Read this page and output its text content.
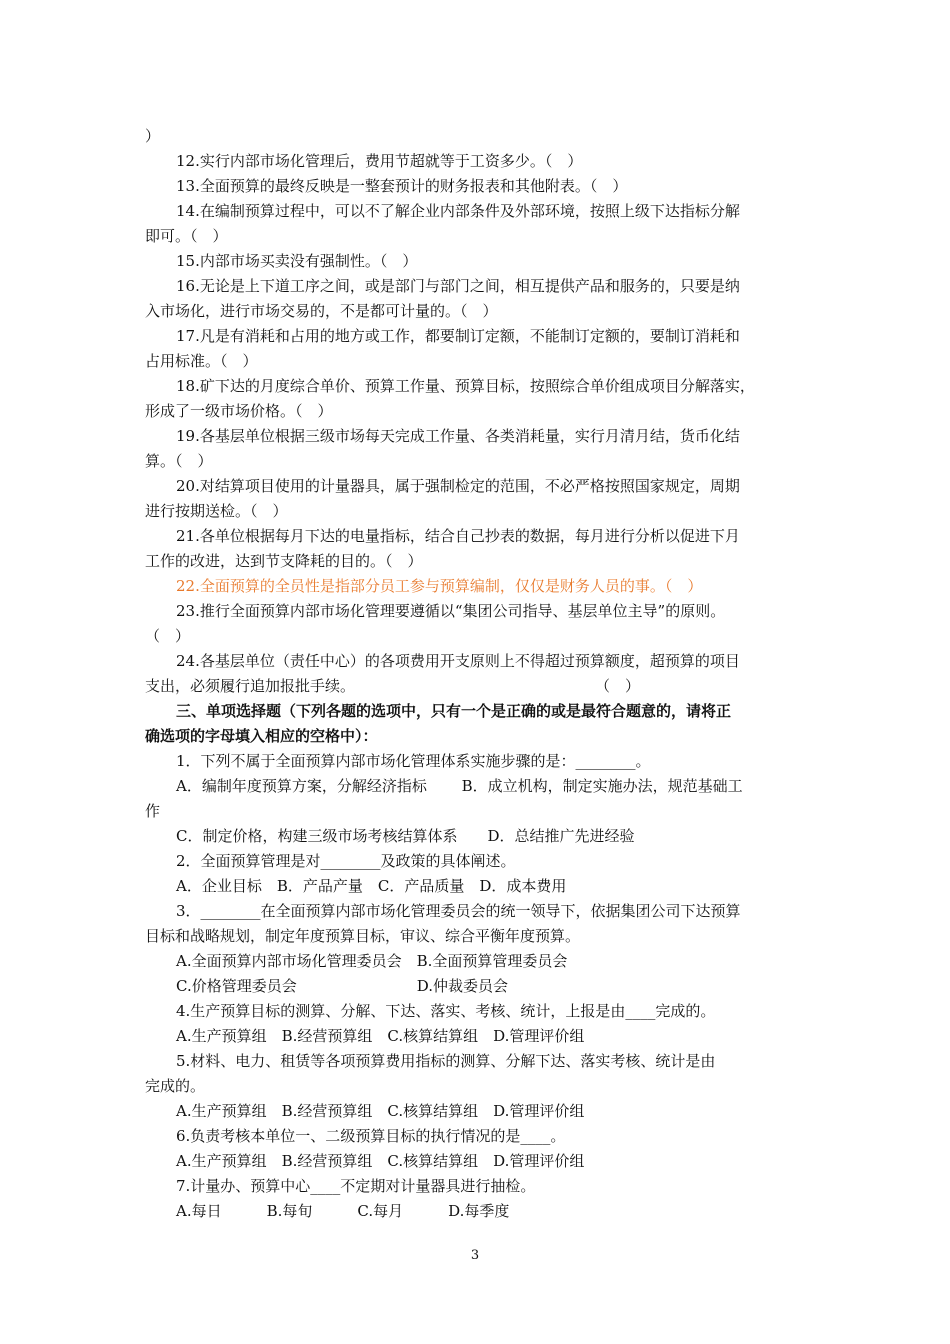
）
12.实行内部市场化管理后，费用节超就等于工资多少。（　）
13.全面预算的最终反映是一整套预计的财务报表和其他附表。（　）
14.在编制预算过程中，可以不了解企业内部条件及外部环境，按照上级下达指标分解
即可。（　）
15.内部市场买卖没有强制性。（　）
16.无论是上下道工序之间，或是部门与部门之间，相互提供产品和服务的，只要是纳
入市场化，进行市场交易的，不是都可计量的。（　）
17.凡是有消耗和占用的地方或工作，都要制订定额，不能制订定额的，要制订消耗和
占用标准。（　）
18.矿下达的月度综合单价、预算工作量、预算目标，按照综合单价组成项目分解落实，
形成了一级市场价格。（　）
19.各基层单位根据三级市场每天完成工作量、各类消耗量，实行月清月结，货币化结
算。（　）
20.对结算项目使用的计量器具，属于强制检定的范围，不必严格按照国家规定，周期
进行按期送检。（　）
21.各单位根据每月下达的电量指标，结合自己抄表的数据，每月进行分析以促进下月
工作的改进，达到节支降耗的目的。（　）
22.全面预算的全员性是指部分员工参与预算编制，仅仅是财务人员的事。（　）
23.推行全面预算内部市场化管理要遵循以“集团公司指导、基层单位主导”的原则。
（　）
24.各基层单位（责任中心）的各项费用开支原则上不得超过预算额度，超预算的项目
支出，必须履行追加报批手续。　　　　　　　　　　　　　　　　　（　）
三、单项选择题（下列各题的选项中，只有一个是正确的或是最符合题意的，请将正
确选项的字母填入相应的空格中）：
1．下列不属于全面预算内部市场化管理体系实施步骤的是：________。
A．编制年度预算方案，分解经济指标　　 B．成立机构，制定实施办法，规范基础工
作
C．制定价格，构建三级市场考核结算体系　　D．总结推广先进经验
2．全面预算管理是对________及政策的具体阐述。
A．企业目标　B．产品产量　C．产品质量　D．成本费用
3．________在全面预算内部市场化管理委员会的统一领导下，依据集团公司下达预算
目标和战略规划，制定年度预算目标，审议、综合平衡年度预算。
A.全面预算内部市场化管理委员会　B.全面预算管理委员会
C.价格管理委员会　　　　　　　　D.仲裁委员会
4.生产预算目标的测算、分解、下达、落实、考核、统计，上报是由____完成的。
A.生产预算组　B.经营预算组　C.核算结算组　D.管理评价组
5.材料、电力、租赁等各项预算费用指标的测算、分解下达、落实考核、统计是由
完成的。
A.生产预算组　B.经营预算组　C.核算结算组　D.管理评价组
6.负责考核本单位一、二级预算目标的执行情况的是____。
A.生产预算组　B.经营预算组　C.核算结算组　D.管理评价组
7.计量办、预算中心____不定期对计量器具进行抽检。
A.每日　　　B.每旬　　　C.每月　　　D.每季度
3
